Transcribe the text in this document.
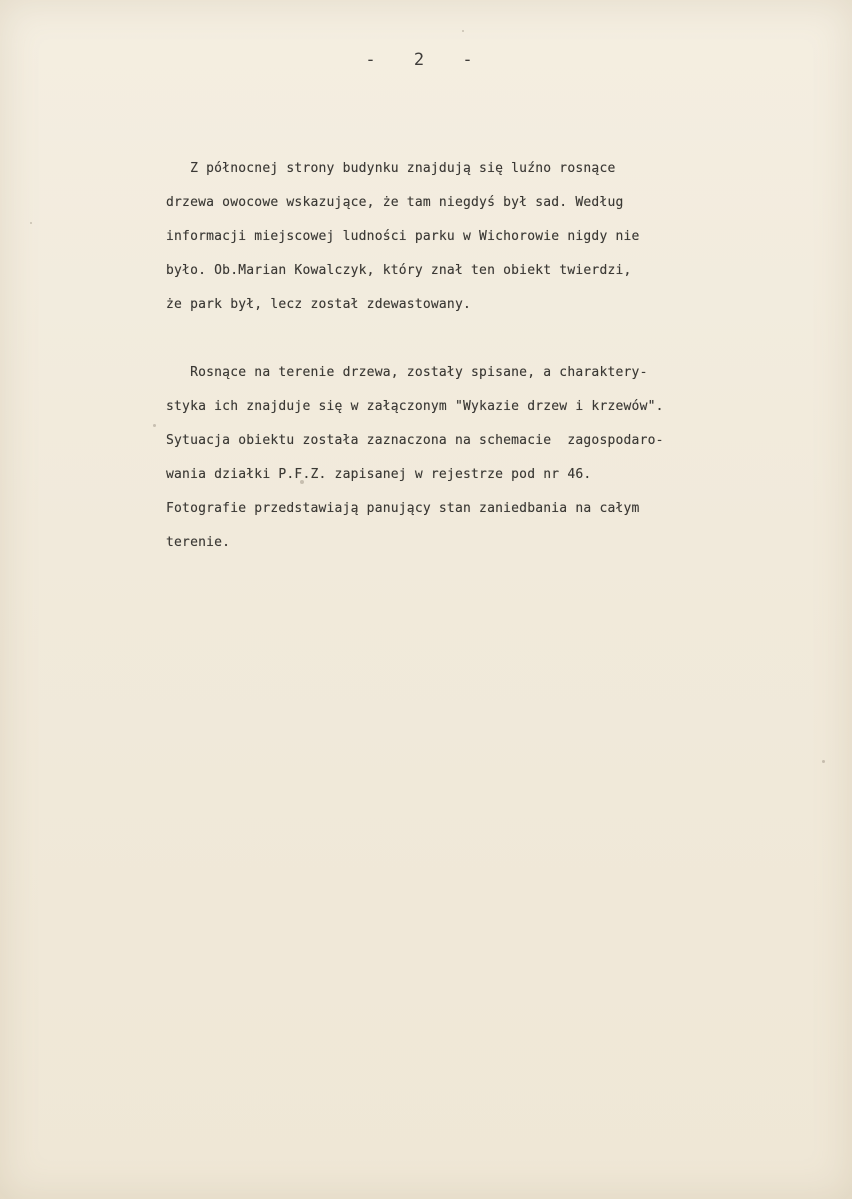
- 2 -
Z północnej strony budynku znajdują się luźno rosnące
drzewa owocowe wskazujące, że tam niegdyś był sad. Według
informacji miejscowej ludności parku w Wichorowie nigdy nie
było. Ob.Marian Kowalczyk, który znał ten obiekt twierdzi,
że park był, lecz został zdewastowany.
Rosnące na terenie drzewa, zostały spisane, a charaktery-
styka ich znajduje się w załączonym "Wykazie drzew i krzewów".
Sytuacja obiektu została zaznaczona na schemacie  zagospodaro-
wania działki P.F.Z. zapisanej w rejestrze pod nr 46.
Fotografie przedstawiają panujący stan zaniedbania na całym
terenie.
